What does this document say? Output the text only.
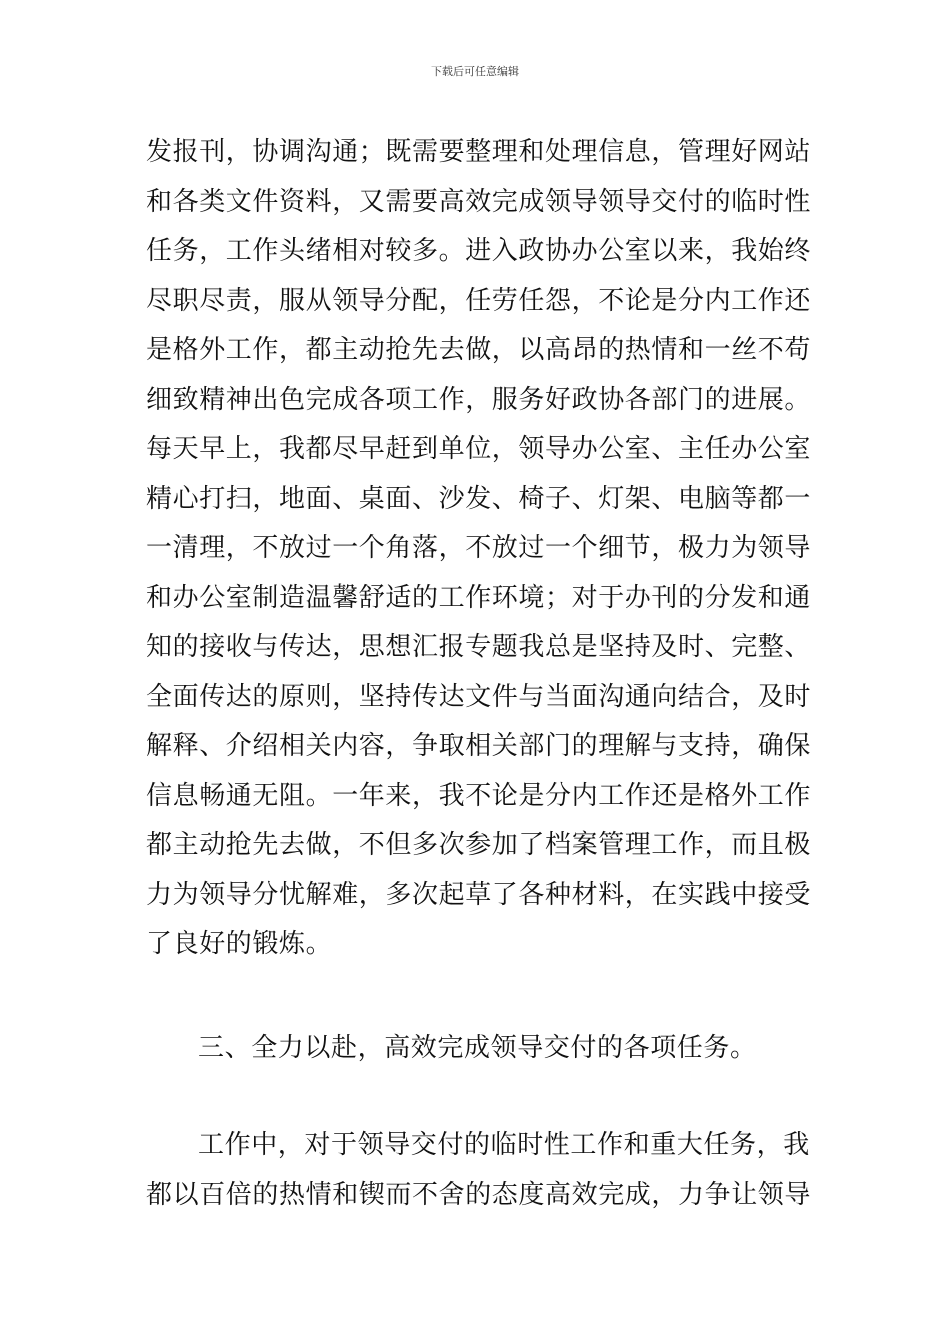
下载后可任意编辑
发报刊，协调沟通；既需要整理和处理信息，管理好网站
和各类文件资料，又需要高效完成领导领导交付的临时性
任务，工作头绪相对较多。进入政协办公室以来，我始终
尽职尽责，服从领导分配，任劳任怨，不论是分内工作还
是格外工作，都主动抢先去做，以高昂的热情和一丝不苟
细致精神出色完成各项工作，服务好政协各部门的进展。
每天早上，我都尽早赶到单位，领导办公室、主任办公室
精心打扫，地面、桌面、沙发、椅子、灯架、电脑等都一
一清理，不放过一个角落，不放过一个细节，极力为领导
和办公室制造温馨舒适的工作环境；对于办刊的分发和通
知的接收与传达，思想汇报专题我总是坚持及时、完整、
全面传达的原则，坚持传达文件与当面沟通向结合，及时
解释、介绍相关内容，争取相关部门的理解与支持，确保
信息畅通无阻。一年来，我不论是分内工作还是格外工作
都主动抢先去做，不但多次参加了档案管理工作，而且极
力为领导分忧解难，多次起草了各种材料，在实践中接受
了良好的锻炼。
三、全力以赴，高效完成领导交付的各项任务。
工作中，对于领导交付的临时性工作和重大任务，我
都以百倍的热情和锲而不舍的态度高效完成，力争让领导
